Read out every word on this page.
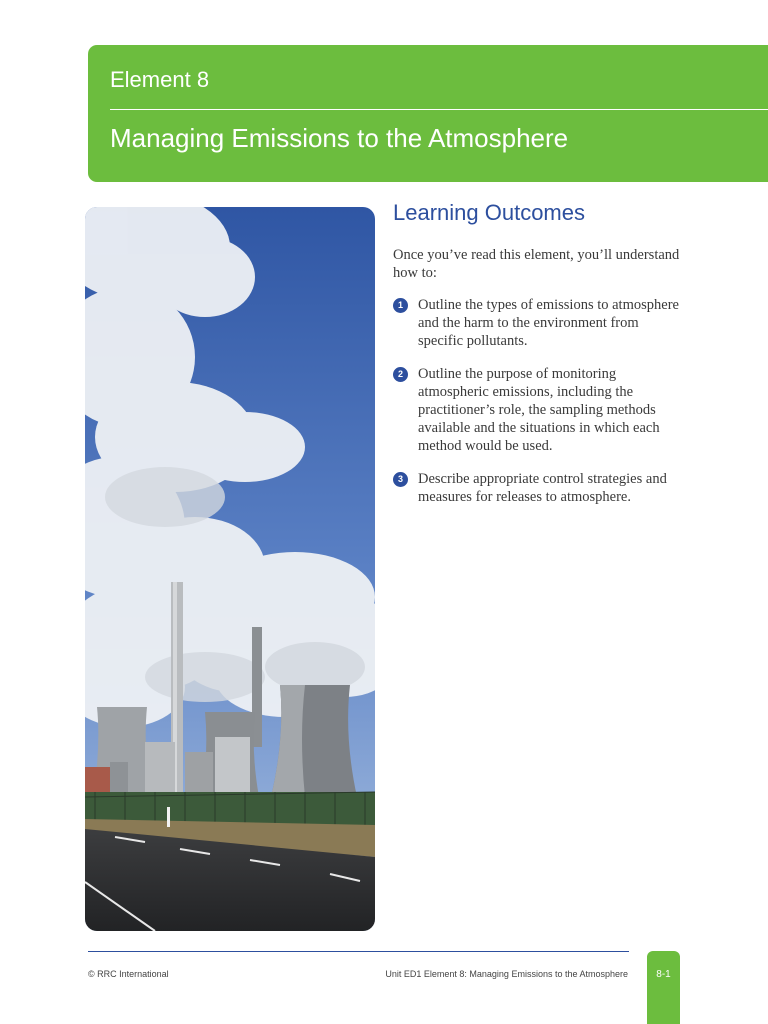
Element 8
Managing Emissions to the Atmosphere
Learning Outcomes
Once you’ve read this element, you’ll understand how to:
1	Outline the types of emissions to atmosphere and the harm to the environment from specific pollutants.
2	Outline the purpose of monitoring atmospheric emissions, including the practitioner’s role, the sampling methods available and the situations in which each method would be used.
3	Describe appropriate control strategies and measures for releases to atmosphere.
© RRC International	Unit ED1 Element 8: Managing Emissions to the Atmosphere	8-1
